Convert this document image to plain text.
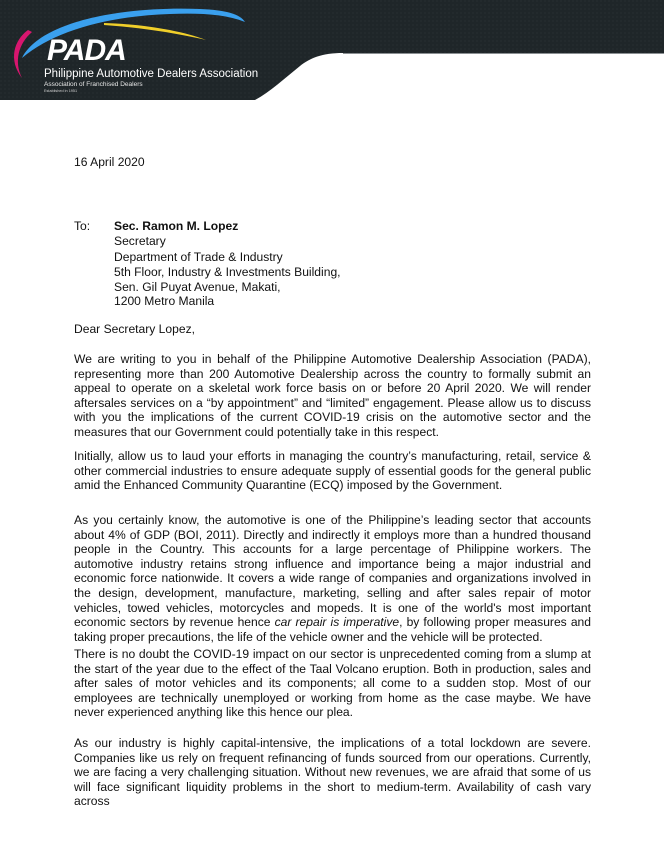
PADA
Philippine Automotive Dealers Association
Association of Franchised Dealers
Established in 1951
16 April 2020
To: Sec. Ramon M. Lopez
Secretary
Department of Trade & Industry
5th Floor, Industry & Investments Building,
Sen. Gil Puyat Avenue, Makati,
1200 Metro Manila
Dear Secretary Lopez,

We are writing to you in behalf of the Philippine Automotive Dealership Association (PADA), representing more than 200 Automotive Dealership across the country to formally submit an appeal to operate on a skeletal work force basis on or before 20 April 2020. We will render aftersales services on a “by appointment” and “limited” engagement. Please allow us to discuss with you the implications of the current COVID-19 crisis on the automotive sector and the measures that our Government could potentially take in this respect.

Initially, allow us to laud your efforts in managing the country’s manufacturing, retail, service & other commercial industries to ensure adequate supply of essential goods for the general public amid the Enhanced Community Quarantine (ECQ) imposed by the Government.

As you certainly know, the automotive is one of the Philippine’s leading sector that accounts about 4% of GDP (BOI, 2011). Directly and indirectly it employs more than a hundred thousand people in the Country. This accounts for a large percentage of Philippine workers. The automotive industry retains strong influence and importance being a major industrial and economic force nationwide. It covers a wide range of companies and organizations involved in the design, development, manufacture, marketing, selling and after sales repair of motor vehicles, towed vehicles, motorcycles and mopeds. It is one of the world's most important economic sectors by revenue hence car repair is imperative, by following proper measures and taking proper precautions, the life of the vehicle owner and the vehicle will be protected.

There is no doubt the COVID-19 impact on our sector is unprecedented coming from a slump at the start of the year due to the effect of the Taal Volcano eruption. Both in production, sales and after sales of motor vehicles and its components; all come to a sudden stop. Most of our employees are technically unemployed or working from home as the case maybe. We have never experienced anything like this hence our plea.

As our industry is highly capital-intensive, the implications of a total lockdown are severe. Companies like us rely on frequent refinancing of funds sourced from our operations. Currently, we are facing a very challenging situation. Without new revenues, we are afraid that some of us will face significant liquidity problems in the short to medium-term. Availability of cash vary across
